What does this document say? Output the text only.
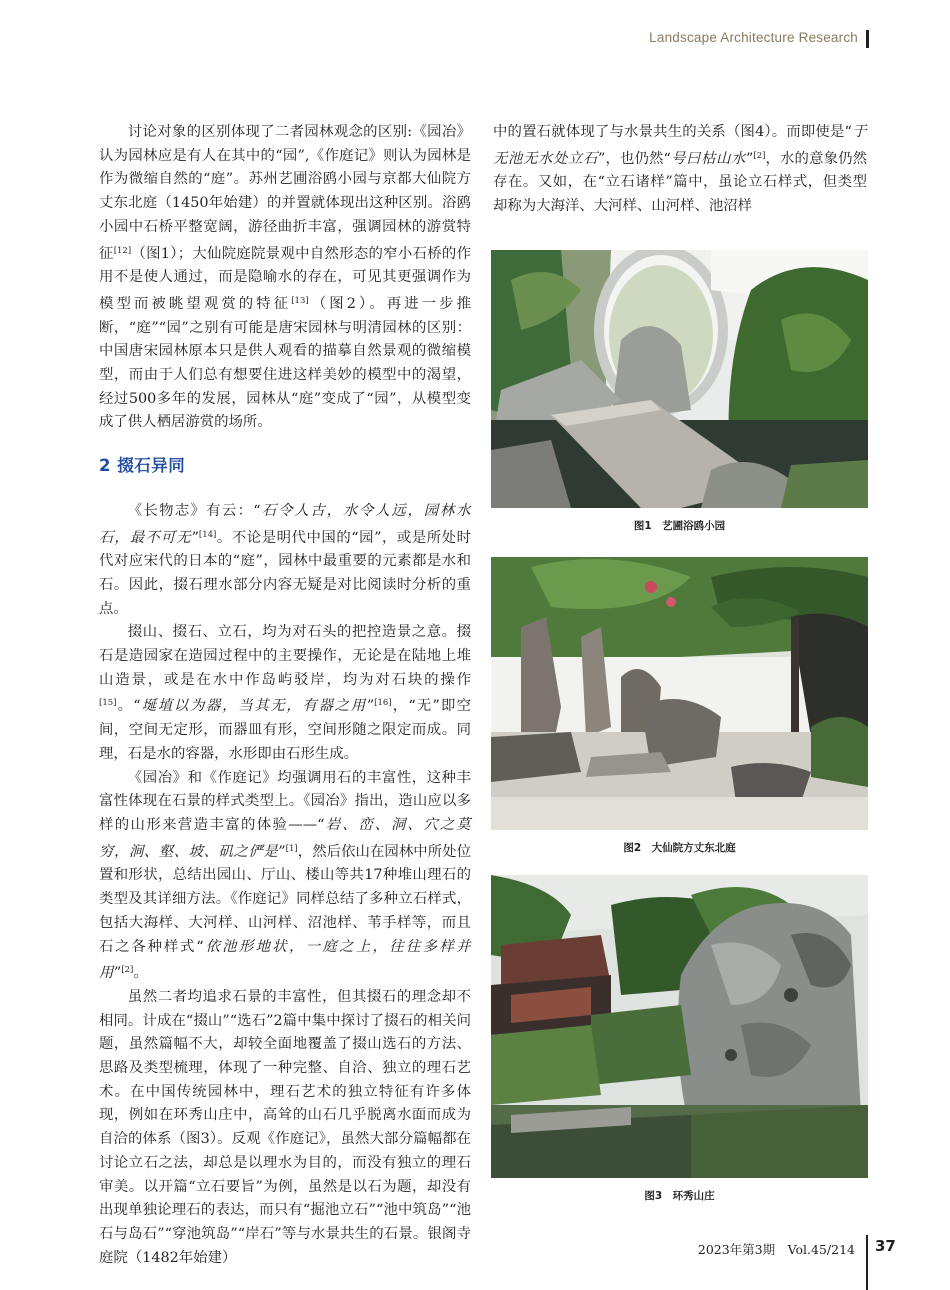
Landscape Architecture Research

讨论对象的区别体现了二者园林观念的区别:《园冶》认为园林应是有人在其中的“园”,《作庭记》则认为园林是作为微缩自然的“庭”。苏州艺圃浴鸥小园与京都大仙院方丈东北庭（1450年始建）的并置就体现出这种区别。浴鸥小园中石桥平整宽阔，游径曲折丰富，强调园林的游赏特征[12]（图1）；大仙院庭院景观中自然形态的窄小石桥的作用不是使人通过，而是隐喻水的存在，可见其更强调作为模型而被眺望观赏的特征[13]（图2）。再进一步推断，“庭”“园”之别有可能是唐宋园林与明清园林的区别：中国唐宋园林原本只是供人观看的描摹自然景观的微缩模型，而由于人们总有想要住进这样美妙的模型中的渴望，经过500多年的发展，园林从“庭”变成了“园”，从模型变成了供人栖居游赏的场所。

2 掇石异同

《长物志》有云：“石令人古，水令人远，园林水石，最不可无”[14]。不论是明代中国的“园”，或是所处时代对应宋代的日本的“庭”，园林中最重要的元素都是水和石。因此，掇石理水部分内容无疑是对比阅读时分析的重点。

掇山、掇石、立石，均为对石头的把控造景之意。掇石是造园家在造园过程中的主要操作，无论是在陆地上堆山造景，或是在水中作岛屿驳岸，均为对石块的操作[15]。“埏埴以为器，当其无，有器之用”[16]，“无”即空间，空间无定形，而器皿有形，空间形随之限定而成。同理，石是水的容器，水形即由石形生成。

《园冶》和《作庭记》均强调用石的丰富性，这种丰富性体现在石景的样式类型上。《园冶》指出，造山应以多样的山形来营造丰富的体验——“岩、峦、洞、穴之莫穷，涧、壑、坡、矶之俨是”[1]，然后依山在园林中所处位置和形状，总结出园山、厅山、楼山等共17种堆山理石的类型及其详细方法。《作庭记》同样总结了多种立石样式，包括大海样、大河样、山河样、沼池样、苇手样等，而且石之各种样式“依池形地状，一庭之上，往往多样并用”[2]。

虽然二者均追求石景的丰富性，但其掇石的理念却不相同。计成在“掇山”“选石”2篇中集中探讨了掇石的相关问题，虽然篇幅不大，却较全面地覆盖了掇山选石的方法、思路及类型梳理，体现了一种完整、自洽、独立的理石艺术。在中国传统园林中，理石艺术的独立特征有许多体现，例如在环秀山庄中，高耸的山石几乎脱离水面而成为自洽的体系（图3）。反观《作庭记》，虽然大部分篇幅都在讨论立石之法，却总是以理水为目的，而没有独立的理石审美。以开篇“立石要旨”为例，虽然是以石为题，却没有出现单独论理石的表达，而只有“掘池立石”“池中筑岛”“池石与岛石”“穿池筑岛”“岸石”等与水景共生的石景。银阁寺庭院（1482年始建）

中的置石就体现了与水景共生的关系（图4）。而即使是“于无池无水处立石”，也仍然“号曰枯山水”[2]，水的意象仍然存在。又如，在“立石诸样”篇中，虽论立石样式，但类型却称为大海洋、大河样、山河样、池沼样

图1　艺圃浴鸥小园
图2　大仙院方丈东北庭
图3　环秀山庄
2023年第3期　Vol.45/214 37
